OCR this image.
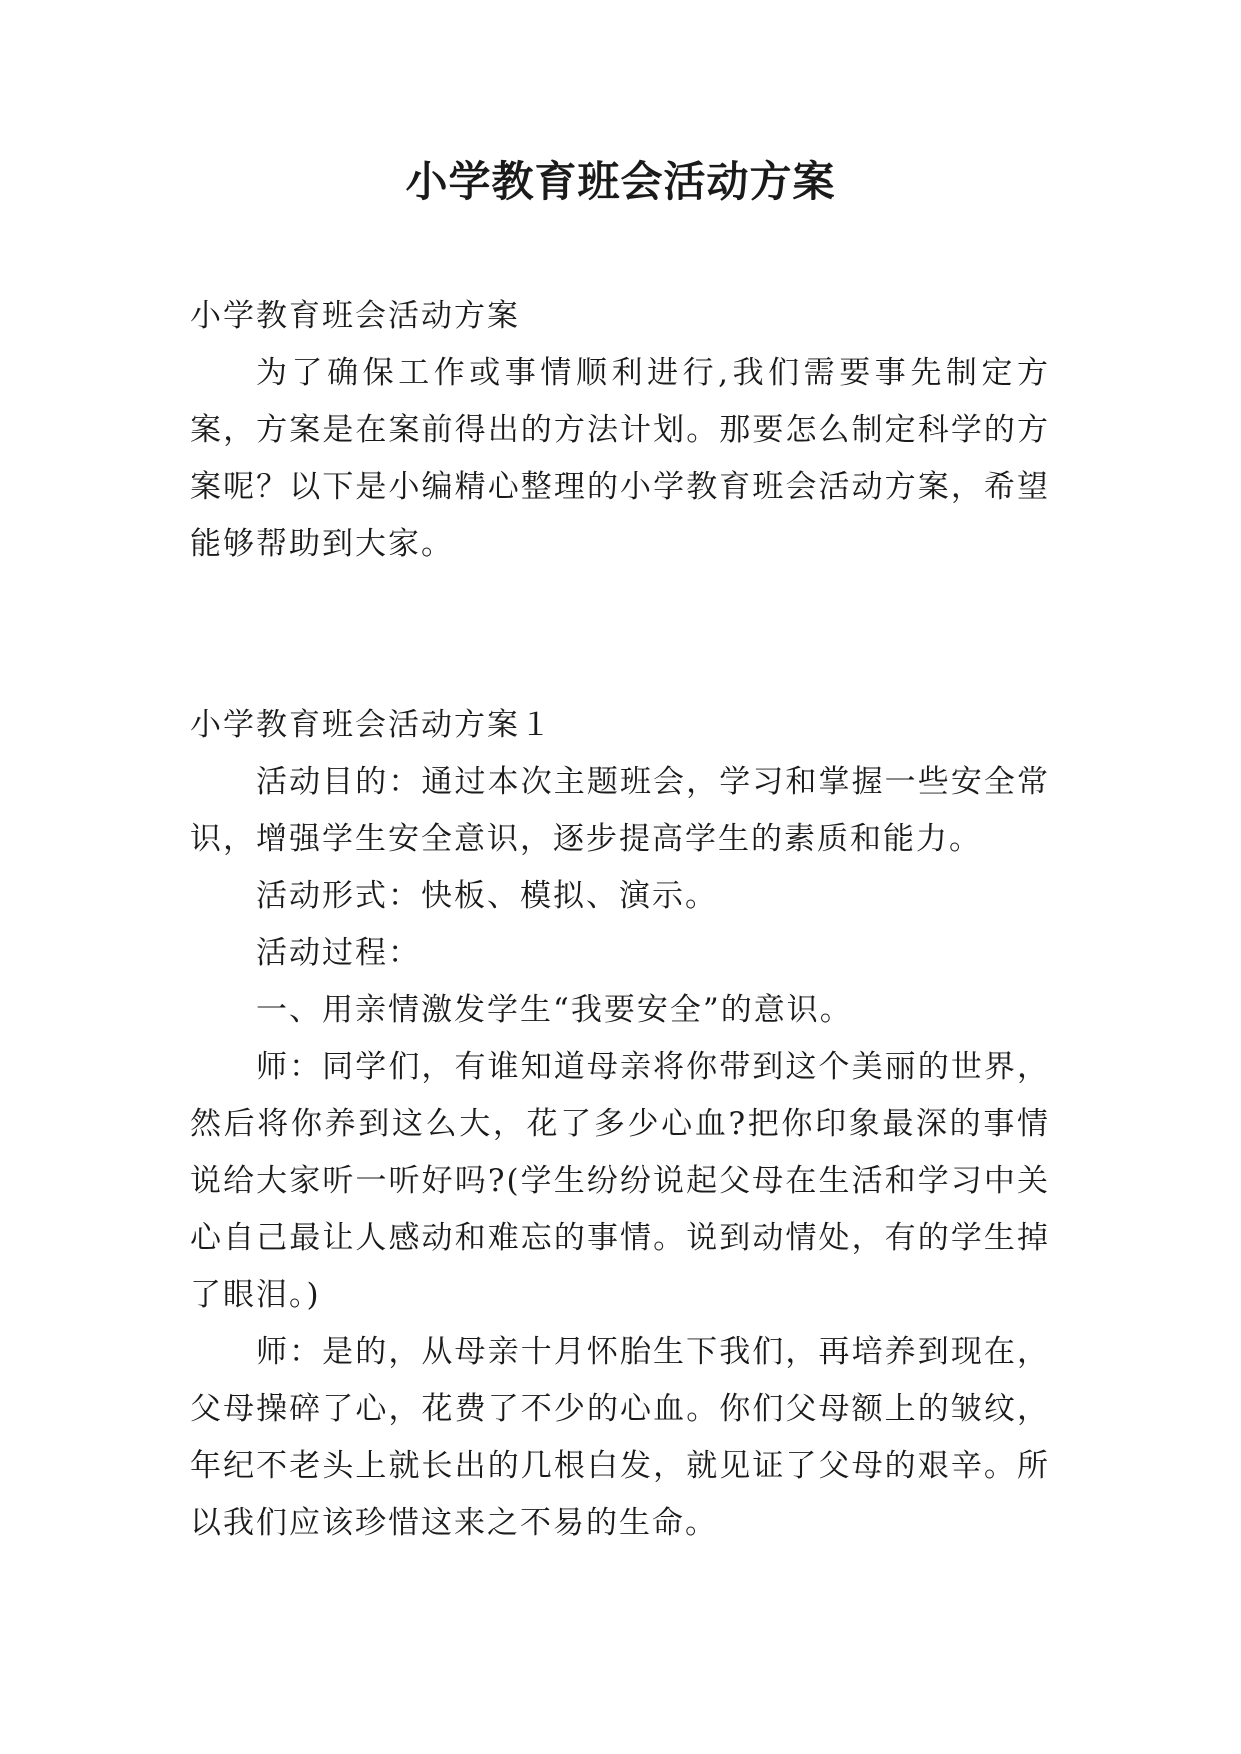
小学教育班会活动方案

小学教育班会活动方案

为了确保工作或事情顺利进行,我们需要事先制定方案，方案是在案前得出的方法计划。那要怎么制定科学的方案呢？以下是小编精心整理的小学教育班会活动方案，希望能够帮助到大家。

小学教育班会活动方案１

活动目的：通过本次主题班会，学习和掌握一些安全常识，增强学生安全意识，逐步提高学生的素质和能力。

活动形式：快板、模拟、演示。

活动过程：

一、用亲情激发学生“我要安全”的意识。

师：同学们，有谁知道母亲将你带到这个美丽的世界，然后将你养到这么大，花了多少心血?把你印象最深的事情说给大家听一听好吗?(学生纷纷说起父母在生活和学习中关心自己最让人感动和难忘的事情。说到动情处，有的学生掉了眼泪。)

师：是的，从母亲十月怀胎生下我们，再培养到现在，父母操碎了心，花费了不少的心血。你们父母额上的皱纹，年纪不老头上就长出的几根白发，就见证了父母的艰辛。所以我们应该珍惜这来之不易的生命。
